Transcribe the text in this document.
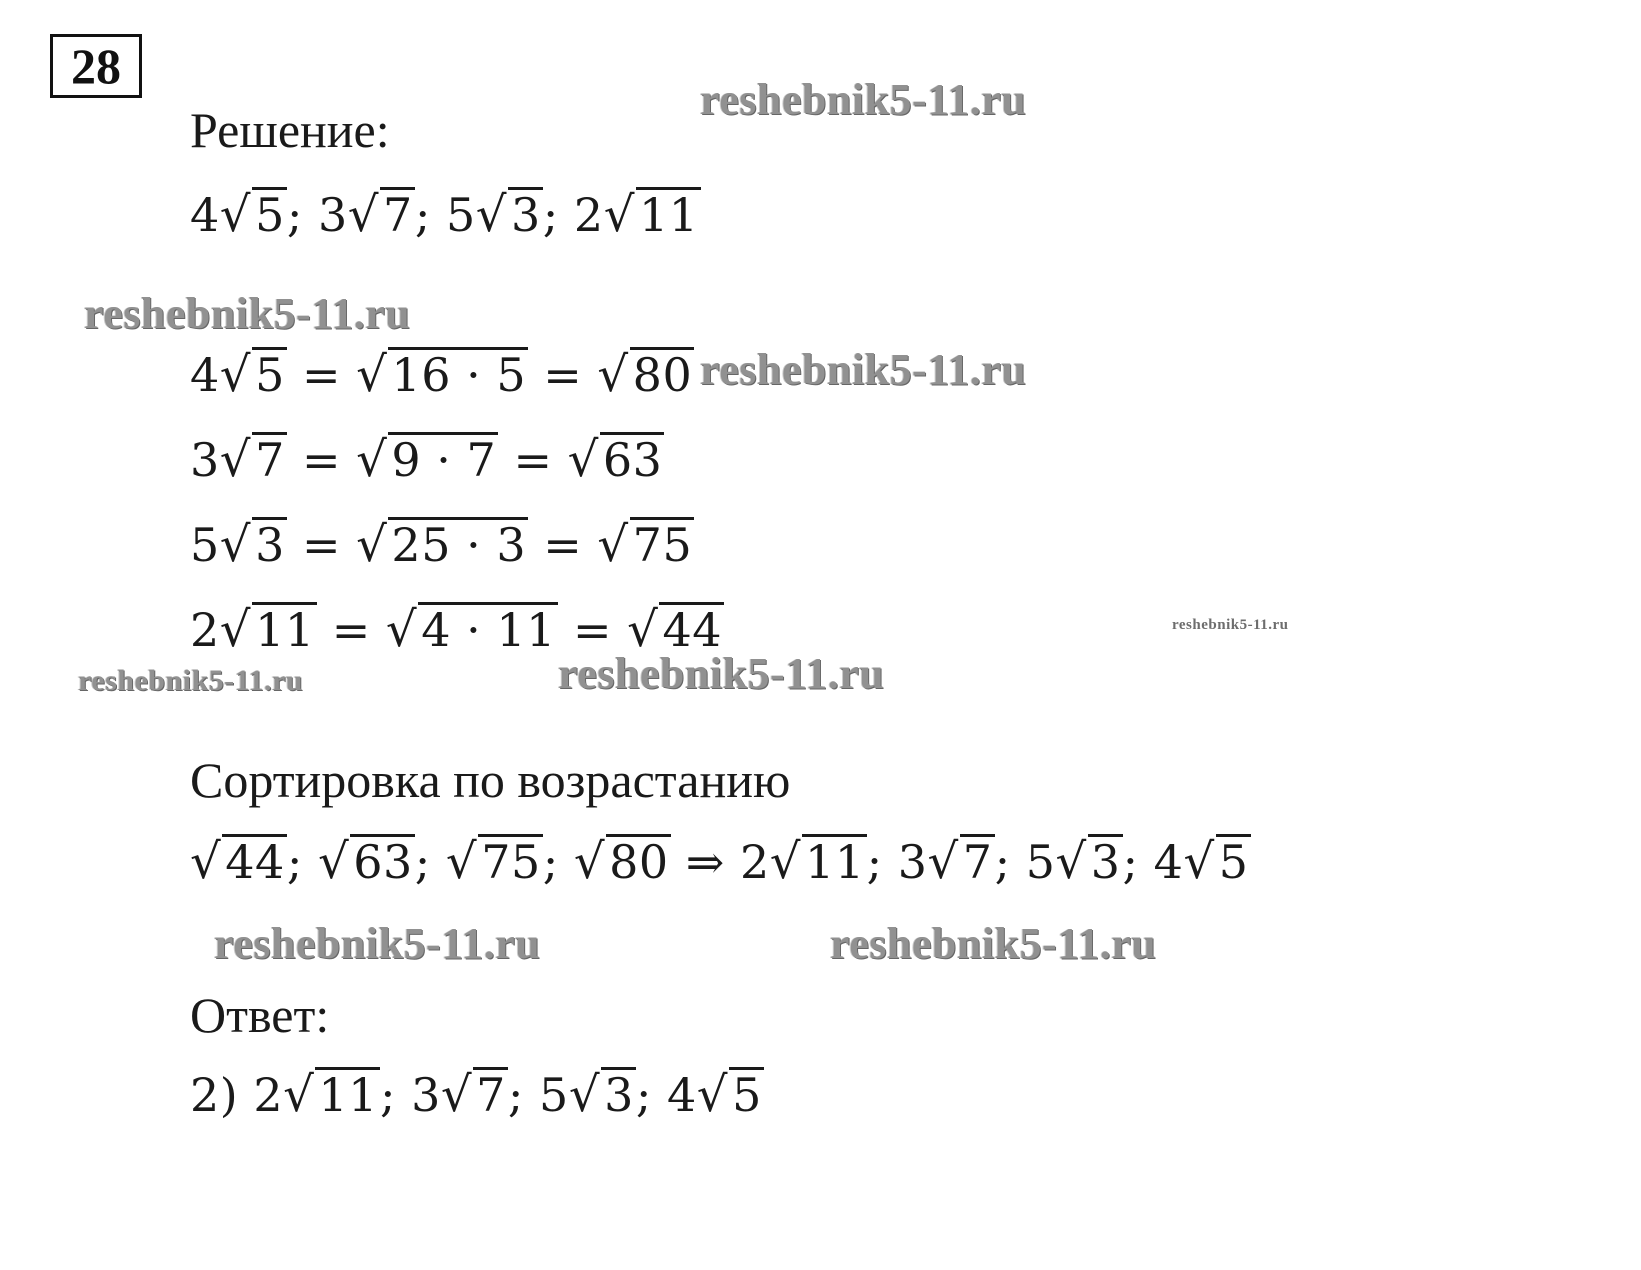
28
Решение:
4√5; 3√7; 5√3; 2√11
4√5 = √16 · 5 = √80
3√7 = √9 · 7 = √63
5√3 = √25 · 3 = √75
2√11 = √4 · 11 = √44
Сортировка по возрастанию
√44; √63; √75; √80 ⇒ 2√11; 3√7; 5√3; 4√5
Ответ:
2) 2√11; 3√7; 5√3; 4√5
reshebnik5-11.ru
reshebnik5-11.ru
reshebnik5-11.ru
reshebnik5-11.ru
reshebnik5-11.ru	reshebnik5-11.ru
reshebnik5-11.ru	reshebnik5-11.ru
